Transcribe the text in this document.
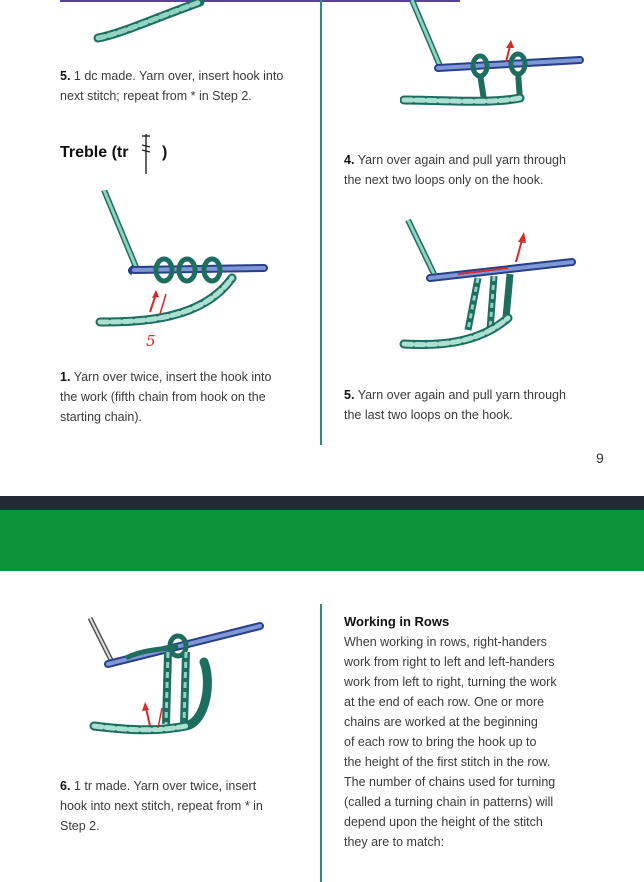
5. 1 dc made. Yarn over, insert hook into
next stitch; repeat from * in Step 2.
Treble (tr )
5
1. Yarn over twice, insert the hook into
the work (fifth chain from hook on the
starting chain).
4. Yarn over again and pull yarn through
the next two loops only on the hook.
5. Yarn over again and pull yarn through
the last two loops on the hook.
9
6. 1 tr made. Yarn over twice, insert
hook into next stitch, repeat from * in
Step 2.
Working in Rows
When working in rows, right-handers
work from right to left and left-handers
work from left to right, turning the work
at the end of each row. One or more
chains are worked at the beginning
of each row to bring the hook up to
the height of the first stitch in the row.
The number of chains used for turning
(called a turning chain in patterns) will
depend upon the height of the stitch
they are to match:
